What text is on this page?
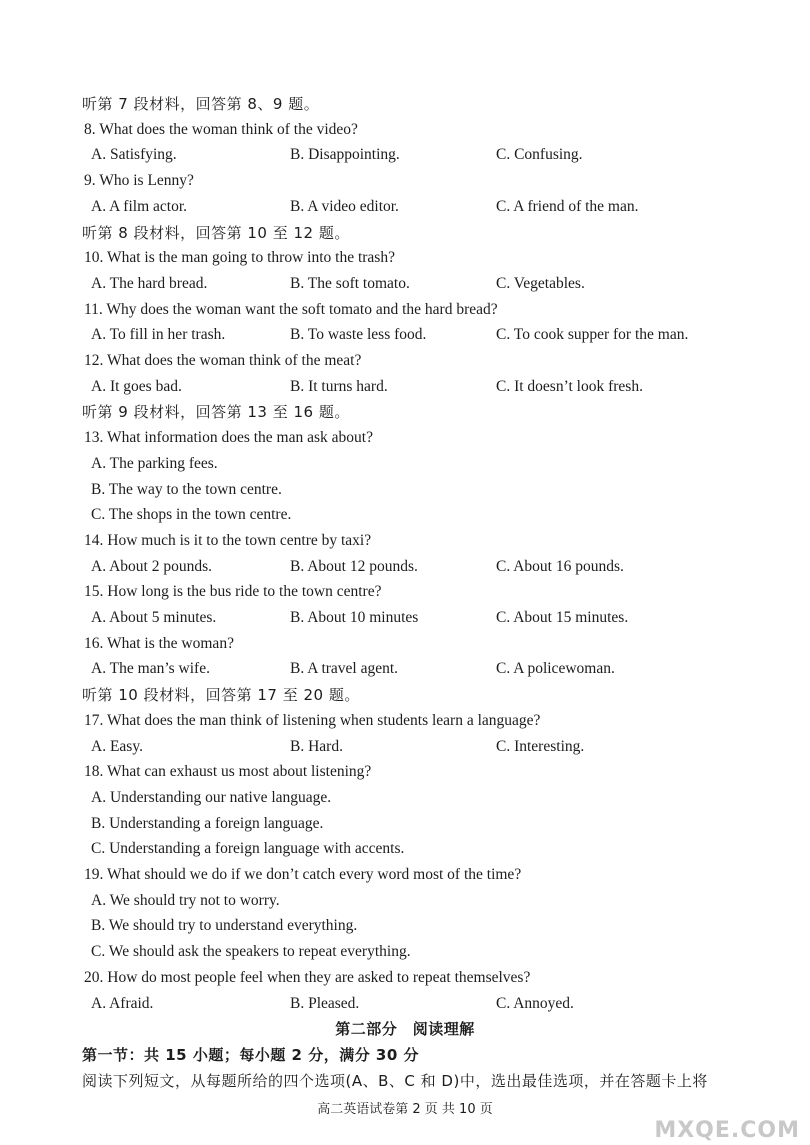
听第 7 段材料，回答第 8、9 题。
8. What does the woman think of the video?
A. Satisfying.	B. Disappointing.	C. Confusing.
9. Who is Lenny?
A. A film actor.	B. A video editor.	C. A friend of the man.
听第 8 段材料，回答第 10 至 12 题。
10. What is the man going to throw into the trash?
A. The hard bread.	B. The soft tomato.	C. Vegetables.
11. Why does the woman want the soft tomato and the hard bread?
A. To fill in her trash.	B. To waste less food.	C. To cook supper for the man.
12. What does the woman think of the meat?
A. It goes bad.	B. It turns hard.	C. It doesn’t look fresh.
听第 9 段材料，回答第 13 至 16 题。
13. What information does the man ask about?
A. The parking fees.
B. The way to the town centre.
C. The shops in the town centre.
14. How much is it to the town centre by taxi?
A. About 2 pounds.	B. About 12 pounds.	C. About 16 pounds.
15. How long is the bus ride to the town centre?
A. About 5 minutes.	B. About 10 minutes	C. About 15 minutes.
16. What is the woman?
A. The man’s wife.	B. A travel agent.	C. A policewoman.
听第 10 段材料，回答第 17 至 20 题。
17. What does the man think of listening when students learn a language?
A. Easy.	B. Hard.	C. Interesting.
18. What can exhaust us most about listening?
A. Understanding our native language.
B. Understanding a foreign language.
C. Understanding a foreign language with accents.
19. What should we do if we don’t catch every word most of the time?
A. We should try not to worry.
B. We should try to understand everything.
C. We should ask the speakers to repeat everything.
20. How do most people feel when they are asked to repeat themselves?
A. Afraid.	B. Pleased.	C. Annoyed.
第二部分　阅读理解
第一节：共 15 小题；每小题 2 分，满分 30 分
阅读下列短文，从每题所给的四个选项(A、B、C 和 D)中，选出最佳选项，并在答题卡上将
高二英语试卷第 2 页 共 10 页
MXQE.COM
